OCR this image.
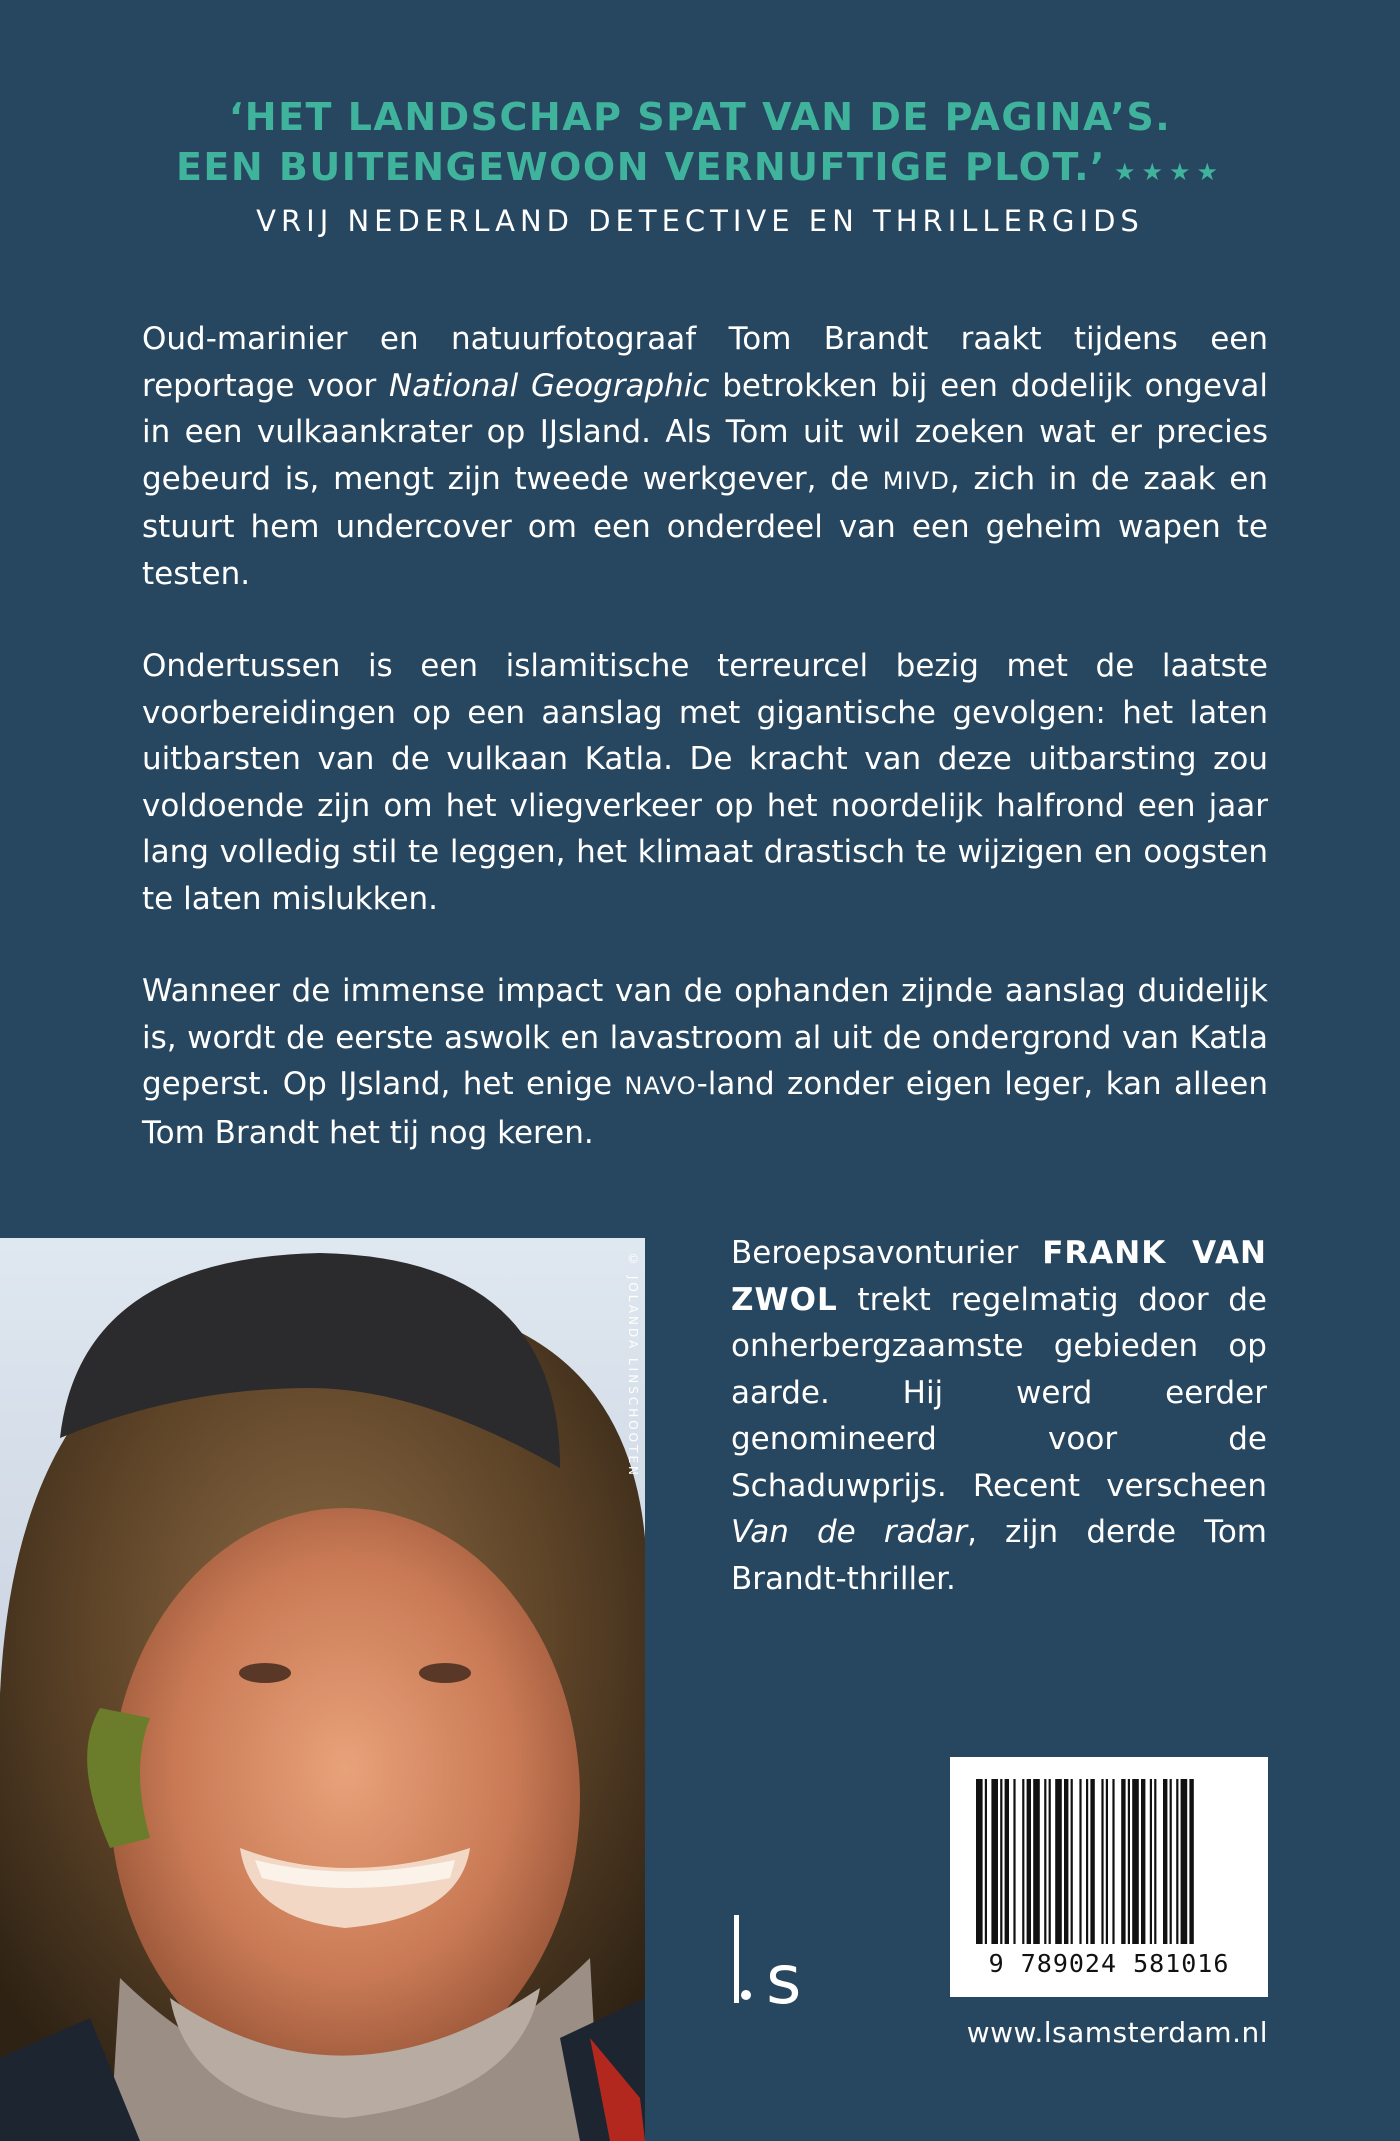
‘HET LANDSCHAP SPAT VAN DE PAGINA’S.
EEN BUITENGEWOON VERNUFTIGE PLOT.’ ★★★★
VRIJ NEDERLAND DETECTIVE EN THRILLERGIDS

Oud-marinier en natuurfotograaf Tom Brandt raakt tijdens een reportage voor National Geographic betrokken bij een dodelijk ongeval in een vulkaankrater op IJsland. Als Tom uit wil zoeken wat er precies gebeurd is, mengt zijn tweede werkgever, de MIVD, zich in de zaak en stuurt hem undercover om een onderdeel van een geheim wapen te testen.

Ondertussen is een islamitische terreurcel bezig met de laatste voorbereidingen op een aanslag met gigantische gevolgen: het laten uitbarsten van de vulkaan Katla. De kracht van deze uitbarsting zou voldoende zijn om het vliegverkeer op het noordelijk halfrond een jaar lang volledig stil te leggen, het klimaat drastisch te wijzigen en oogsten te laten mislukken.

Wanneer de immense impact van de ophanden zijnde aanslag duidelijk is, wordt de eerste aswolk en lavastroom al uit de ondergrond van Katla geperst. Op IJsland, het enige NAVO-land zonder eigen leger, kan alleen Tom Brandt het tij nog keren.

© JOLANDA LINSCHOOTEN	Beroepsavonturier FRANK VAN ZWOL trekt regelmatig door de onherbergzaamste gebieden op aarde. Hij werd eerder genomineerd voor de Schaduwprijs. Recent verscheen Van de radar, zijn derde Tom Brandt-thriller.
9 789024 581016
s
www.lsamsterdam.nl
